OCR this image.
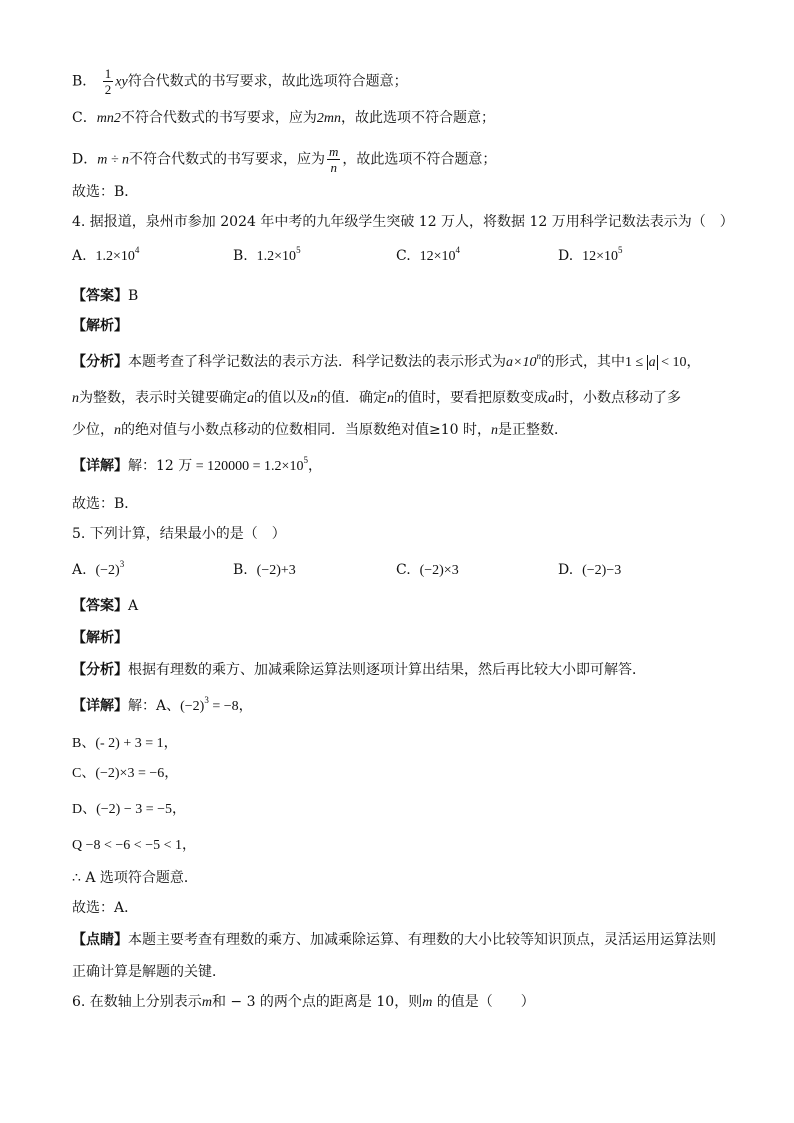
B． $\frac{1}{2}$ xy符合代数式的书写要求，故此选项符合题意；
C．mn2不符合代数式的书写要求，应为2mn，故此选项不符合题意；
D．m ÷ n不符合代数式的书写要求，应为 $\frac{m}{n}$ ，故此选项不符合题意；
故选：B．
4. 据报道，泉州市参加 2024 年中考的九年级学生突破 12 万人，将数据 12 万用科学记数法表示为（　）
A. $1.2\times 10^4$	B. $1.2\times 10^5$	C. $12\times 10^4$	D. $12\times 10^5$
【答案】B
【解析】
【分析】本题考查了科学记数法的表示方法．科学记数法的表示形式为$a\times 10^n$的形式，其中1 ≤ a < 10，
n为整数，表示时关键要确定a的值以及n的值．确定n的值时，要看把原数变成a时，小数点移动了多
少位，n的绝对值与小数点移动的位数相同．当原数绝对值≥10 时，n是正整数．
【详解】解：12 万 = $120000 = 1.2\times 10^5$，
故选：B．
5. 下列计算，结果最小的是（　）
A. $(-2)^3$	B. (−2)+3	C. (−2)×3	D. (−2)−3
【答案】A
【解析】
【分析】根据有理数的乘方、加减乘除运算法则逐项计算出结果，然后再比较大小即可解答．
【详解】解：A、$(-2)^3 = -8$，
B、(- 2) + 3 = 1，
C、(−2)×3 = −6，
D、(−2) − 3 = −5，
Q −8 < −6 < −5 < 1，
∴ A 选项符合题意．
故选：A．
【点睛】本题主要考查有理数的乘方、加减乘除运算、有理数的大小比较等知识顶点，灵活运用运算法则
正确计算是解题的关键．
6. 在数轴上分别表示m和 − 3 的两个点的距离是 10，则m 的值是（　　）
